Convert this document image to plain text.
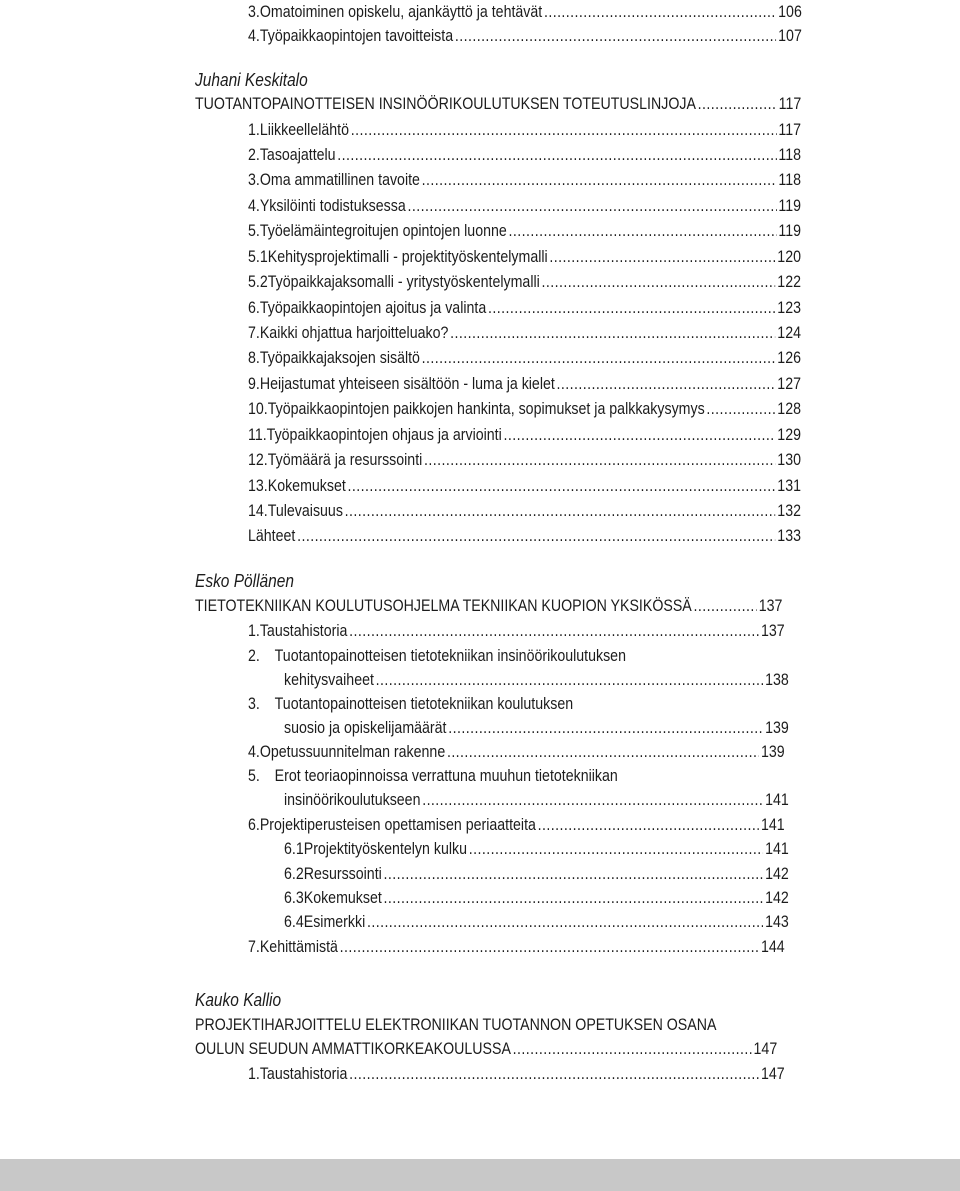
3. Omatoiminen opiskelu, ajankäyttö ja tehtävät .....	106
4. Työpaikkaopintojen tavoitteista .....	107
Juhani Keskitalo
TUOTANTOPAINOTTEISEN INSINÖÖRIKOULUTUKSEN TOTEUTUSLINJOJA .....	117
1. Liikkeellelähtö .....	117
2. Tasoajattelu .....	118
3. Oma ammatillinen tavoite .....	118
4. Yksilöinti todistuksessa .....	119
5. Työelämäintegroitujen opintojen luonne .....	119
5.1 Kehitysprojektimalli - projektityöskentelymalli .....	120
5.2 Työpaikkajaksomalli - yritystyöskentelymalli .....	122
6. Työpaikkaopintojen ajoitus ja valinta .....	123
7. Kaikki ohjattua harjoitteluako? .....	124
8. Työpaikkajaksojen sisältö .....	126
9. Heijastumat yhteiseen sisältöön - luma ja kielet .....	127
10. Työpaikkaopintojen paikkojen hankinta, sopimukset ja palkkakysymys .....	128
11. Työpaikkaopintojen ohjaus ja arviointi .....	129
12. Työmäärä ja resurssointi .....	130
13. Kokemukset .....	131
14. Tulevaisuus .....	132
Lähteet .....	133
Esko Pöllänen
TIETOTEKNIIKAN KOULUTUSOHJELMA TEKNIIKAN KUOPION YKSIKÖSSÄ .....	137
1. Taustahistoria .....	137
2. Tuotantopainotteisen tietotekniikan insinöörikoulutuksen
kehitysvaiheet .....	138
3. Tuotantopainotteisen tietotekniikan koulutuksen
suosio ja opiskelijamäärät .....	139
4. Opetussuunnitelman rakenne .....	139
5. Erot teoriaopinnoissa verrattuna muuhun tietotekniikan
insinöörikoulutukseen .....	141
6. Projektiperusteisen opettamisen periaatteita .....	141
6.1 Projektityöskentelyn kulku .....	141
6.2 Resurssointi .....	142
6.3 Kokemukset .....	142
6.4 Esimerkki .....	143
7. Kehittämistä .....	144
Kauko Kallio
PROJEKTIHARJOITTELU ELEKTRONIIKAN TUOTANNON OPETUKSEN OSANA
OULUN SEUDUN AMMATTIKORKEAKOULUSSA .....	147
1. Taustahistoria .....	147
